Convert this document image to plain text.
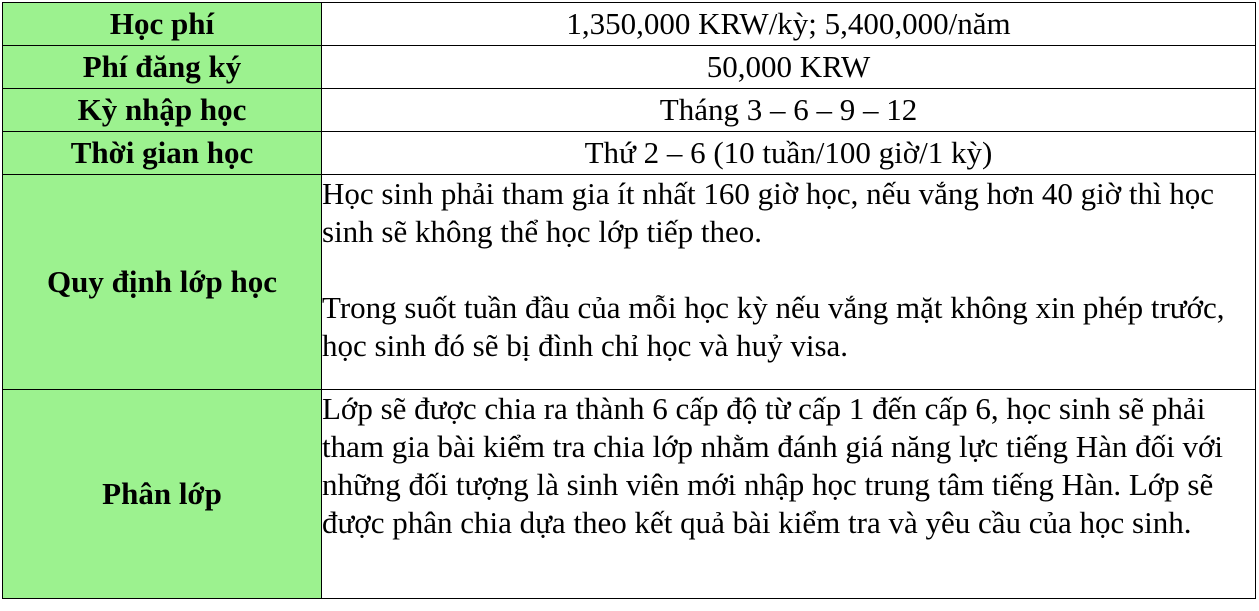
Học phí	1,350,000 KRW/kỳ; 5,400,000/năm
Phí đăng ký	50,000 KRW
Kỳ nhập học	Tháng 3 – 6 – 9 – 12
Thời gian học	Thứ 2 – 6 (10 tuần/100 giờ/1 kỳ)
Quy định lớp học	Học sinh phải tham gia ít nhất 160 giờ học, nếu vắng hơn 40 giờ thì học sinh sẽ không thể học lớp tiếp theo.
Trong suốt tuần đầu của mỗi học kỳ nếu vắng mặt không xin phép trước, học sinh đó sẽ bị đình chỉ học và huỷ visa.

Phân lớp	Lớp sẽ được chia ra thành 6 cấp độ từ cấp 1 đến cấp 6, học sinh sẽ phải tham gia bài kiểm tra chia lớp nhằm đánh giá năng lực tiếng Hàn đối với những đối tượng là sinh viên mới nhập học trung tâm tiếng Hàn. Lớp sẽ được phân chia dựa theo kết quả bài kiểm tra và yêu cầu của học sinh.
